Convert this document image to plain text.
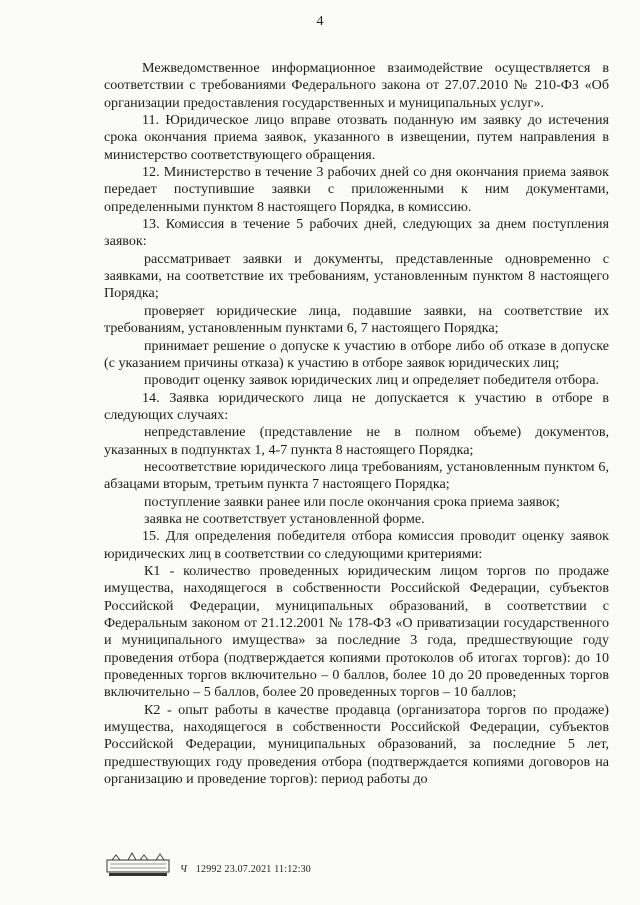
4

Межведомственное информационное взаимодействие осуществляется в соответствии с требованиями Федерального закона от 27.07.2010 № 210-ФЗ «Об организации предоставления государственных и муниципальных услуг».

11. Юридическое лицо вправе отозвать поданную им заявку до истечения срока окончания приема заявок, указанного в извещении, путем направления в министерство соответствующего обращения.

12. Министерство в течение 3 рабочих дней со дня окончания приема заявок передает поступившие заявки с приложенными к ним документами, определенными пунктом 8 настоящего Порядка, в комиссию.

13. Комиссия в течение 5 рабочих дней, следующих за днем поступления заявок:

рассматривает заявки и документы, представленные одновременно с заявками, на соответствие их требованиям, установленным пунктом 8 настоящего Порядка;

проверяет юридические лица, подавшие заявки, на соответствие их требованиям, установленным пунктами 6, 7 настоящего Порядка;

принимает решение о допуске к участию в отборе либо об отказе в допуске (с указанием причины отказа) к участию в отборе заявок юридических лиц;

проводит оценку заявок юридических лиц и определяет победителя отбора.

14. Заявка юридического лица не допускается к участию в отборе в следующих случаях:

непредставление (представление не в полном объеме) документов, указанных в подпунктах 1, 4-7 пункта 8 настоящего Порядка;

несоответствие юридического лица требованиям, установленным пунктом 6, абзацами вторым, третьим пункта 7 настоящего Порядка;

поступление заявки ранее или после окончания срока приема заявок;

заявка не соответствует установленной форме.

15. Для определения победителя отбора комиссия проводит оценку заявок юридических лиц в соответствии со следующими критериями:

К1 - количество проведенных юридическим лицом торгов по продаже имущества, находящегося в собственности Российской Федерации, субъектов Российской Федерации, муниципальных образований, в соответствии с Федеральным законом от 21.12.2001 № 178-ФЗ «О приватизации государственного и муниципального имущества» за последние 3 года, предшествующие году проведения отбора (подтверждается копиями протоколов об итогах торгов): до 10 проведенных торгов включительно – 0 баллов, более 10 до 20 проведенных торгов включительно – 5 баллов, более 20 проведенных торгов – 10 баллов;

К2 - опыт работы в качестве продавца (организатора торгов по продаже) имущества, находящегося в собственности Российской Федерации, субъектов Российской Федерации, муниципальных образований, за последние 5 лет, предшествующих году проведения отбора (подтверждается копиями договоров на организацию и проведение торгов): период работы до

Ч 12992 23.07.2021 11:12:30
